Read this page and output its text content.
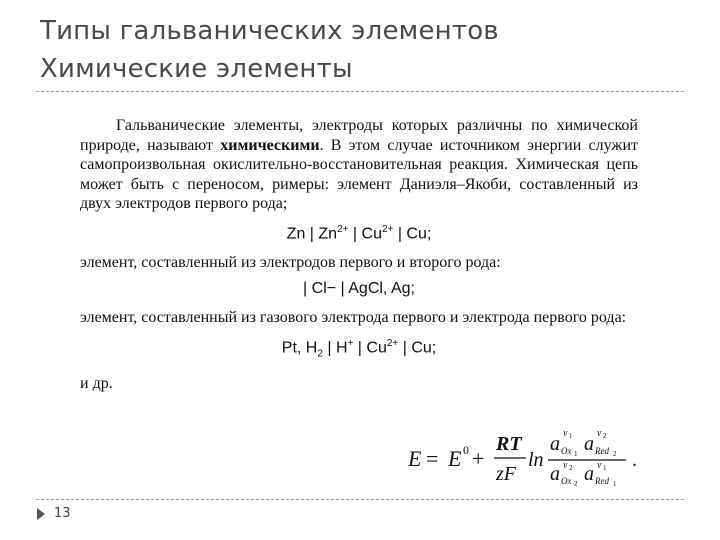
Типы гальванических элементов
Химические элементы

Гальванические элементы, электроды которых различны по химической природе, называют химическими. В этом случае источником энергии служит самопроизвольная окислительно-восстановительная реакция. Химическая цепь может быть с переносом, римеры: элемент Даниэля–Якоби, составленный из двух электродов первого рода;

Zn | $Zn^{2+}$ | $Cu^{2+}$ | Cu;

элемент, составленный из электродов первого и второго рода:

| Cl− | AgCl, Ag;

элемент, составленный из газового электрода первого и электрода первого рода:

Pt, $H_2$ | H+ | $Cu^{2+}$ | Cu;

и др.

E = E 0 +
RT
zF
ln
a Ox 1
ν 1 a Red 2
ν 2
a Ox 2
ν 2 a Red 1
ν 1 .
13
